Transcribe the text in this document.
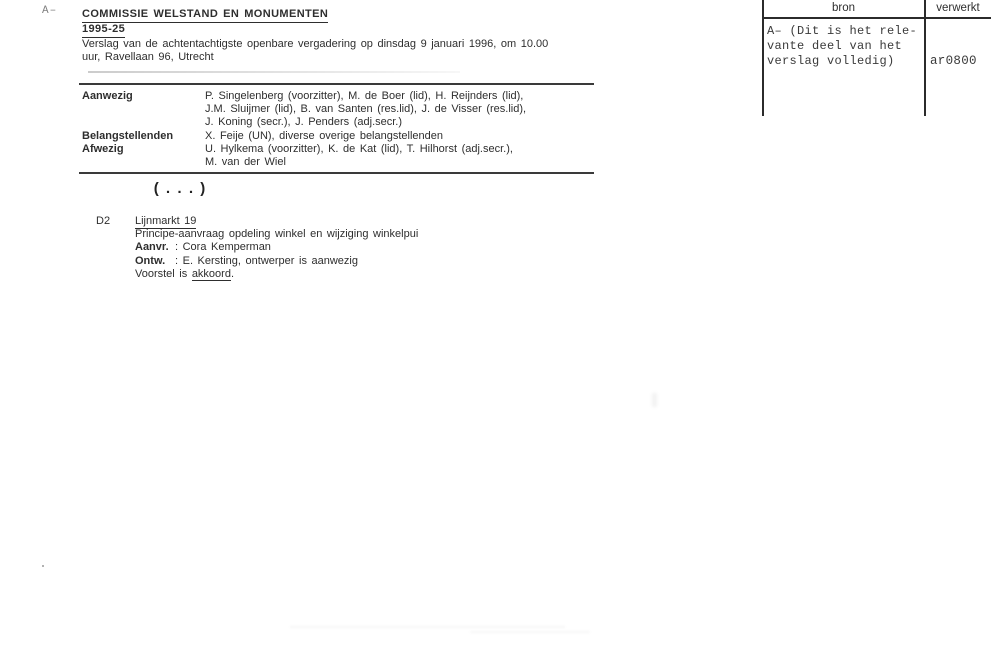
A– COMMISSIE WELSTAND EN MONUMENTEN
1995-25
Verslag van de achtentachtigste openbare vergadering op dinsdag 9 januari 1996, om 10.00
uur, Ravellaan 96, Utrecht
Aanwezig	P. Singelenberg (voorzitter), M. de Boer (lid), H. Reijnders (lid),
J.M. Sluijmer (lid), B. van Santen (res.lid), J. de Visser (res.lid),
J. Koning (secr.), J. Penders (adj.secr.)
Belangstellenden	X. Feije (UN), diverse overige belangstellenden
Afwezig	U. Hylkema (voorzitter), K. de Kat (lid), T. Hilhorst (adj.secr.),
M. van der Wiel
(...)
D2 Lijnmarkt 19
Principe-aanvraag opdeling winkel en wijziging winkelpui
Aanvr. : Cora Kemperman
Ontw. : E. Kersting, ontwerper is aanwezig
Voorstel is akkoord.
bron	verwerkt
A– (Dit is het rele-
vante deel van het
verslag volledig)	ar0800
